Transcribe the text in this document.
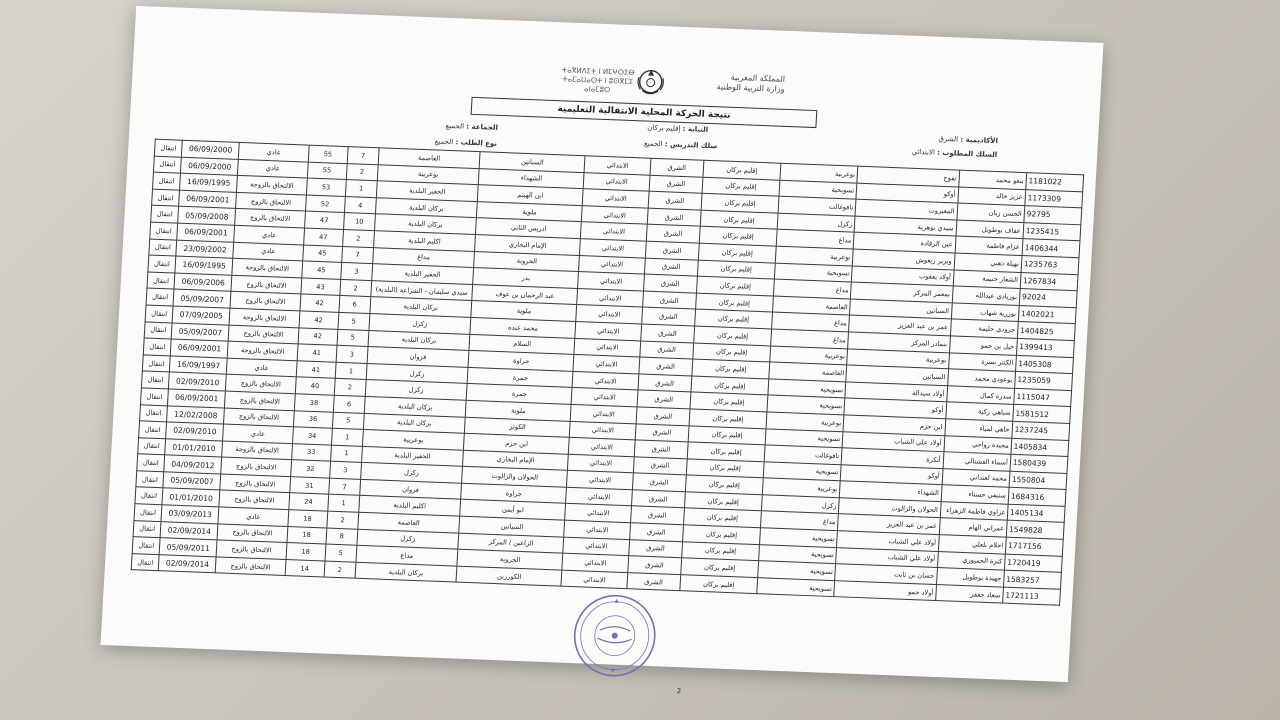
ⵜⴰⴳⵍⴷⵉⵜ ⵏ ⵍⵎⵖⵔⵉⴱ
ⵜⴰⵎⴰⵡⴰⵙⵜ ⵏ ⵓⵙⴳⵎⵉ
ⴰⵏⴰⵎⵓⵔ
المملكة المغربية
وزارة التربية الوطنية
نتيجة الحركة المحلية الانتقالية التعليمية
الأكاديمية : الشرق
السلك المطلوب : الابتدائي
النيابة : إقليم بركان
سلك التدريس : الجميع
الجماعة : الجميع
نوع الطلب : الجميع
1181022	بنعو محمد	تفوح	بوعربية	إقليم بركان	الشرق	الابتدائي	السباتين	العاصمة	7	55	عادي	06/09/2000	انتقال
1173309	عزيز خالد	أوكو	تسويحية	إقليم بركان	الشرق	الابتدائي	الشهداء	بوعربية	2	55	عادي	06/09/2000	انتقال
92795	الحسن زيان	المغيروت	تافوغالت	إقليم بركان	الشرق	الابتدائي	ابن الهيثم	الحفير البلدية	1	53	الالتحاق بالزوجة	16/09/1995	انتقال
1235415	عفاف بوطويل	سيدي بوهرية	زكزل	إقليم بركان	الشرق	الابتدائي	ملوية	بركان البلدية	4	52	الالتحاق بالزوج	06/09/2001	انتقال
1406344	عزام فاطمة	عين الرقادة	مداغ	إقليم بركان	الشرق	الابتدائي	ادريس الثاني	بركان البلدية	10	47	الالتحاق بالزوج	05/09/2008	انتقال
1235763	نهيلة ذهبي	ويرير زيغوش	بوعربية	إقليم بركان	الشرق	الابتدائي	الإمام البخاري	اكليم البلدية	2	47	عادي	06/09/2001	انتقال
1267834	الشعار حنيمة	أولاد يعقوب	تسويحية	إقليم بركان	الشرق	الابتدائي	الخروبة	مداغ	7	45	عادي	23/09/2002	انتقال
92024	بوزيادي عبدالله	بمعمر المركز	مداغ	إقليم بركان	الشرق	الابتدائي	بدر	الحفير البلدية	3	45	الالتحاق بالزوجة	16/09/1995	انتقال
1402021	بوزرية شهاب	السباتين	العاصمة	إقليم بركان	الشرق	الابتدائي	عبد الرحمان بن عوف	سيدي سليمان - الشراعة (البلدية)	2	43	الالتحاق بالزوج	06/09/2006	انتقال
1404825	جرودي حليمة	عمر بن عبد العزيز	مداغ	إقليم بركان	الشرق	الابتدائي	ملوية	بركان البلدية	6	42	الالتحاق بالزوج	05/09/2007	انتقال
1399413	خيل بن حمو	بنمادر المركز	مداغ	إقليم بركان	الشرق	الابتدائي	محمد عبده	زكزل	5	42	الالتحاق بالزوجة	07/09/2005	انتقال
1405308	الكنتر بسرة	بوعربية	بوعربية	إقليم بركان	الشرق	الابتدائي	السلام	بركان البلدية	5	42	الالتحاق بالزوج	05/09/2007	انتقال
1235059	بوعودي محمد	السباتين	العاصمة	إقليم بركان	الشرق	الابتدائي	جراوة	فزوان	3	41	الالتحاق بالزوجة	06/09/2001	انتقال
1115047	سدرة كمال	أولاد سيدالة	تسويحية	إقليم بركان	الشرق	الابتدائي	جمرة	زكزل	1	41	عادي	16/09/1997	انتقال
1581512	سباهي زكية	أوكو	تسويحية	إقليم بركان	الشرق	الابتدائي	جمرة	زكزل	2	40	الالتحاق بالزوج	02/09/2010	انتقال
1237245	حاهي لمياء	ابن حزم	بوعربية	إقليم بركان	الشرق	الابتدائي	ملوية	بركان البلدية	6	38	الالتحاق بالزوج	06/09/2001	انتقال
1405834	مجيدة رواحي	أولاد علي الشباب	تسويحية	إقليم بركان	الشرق	الابتدائي	الكوثر	بركان البلدية	5	36	الالتحاق بالزوج	12/02/2008	انتقال
1580439	أسماء الفشتالي	أنكرة	تافوغالت	إقليم بركان	الشرق	الابتدائي	ابن حزم	بوعربية	1	34	عادي	02/09/2010	انتقال
1550804	محمد لعنداني	أوكو	تسويحية	إقليم بركان	الشرق	الابتدائي	الإمام البخاري	الحفير البلدية	1	33	الالتحاق بالزوجة	01/01/2010	انتقال
1684316	ستيفي حسناء	الشهداء	بوعربية	إقليم بركان	الشرق	الابتدائي	الحولان والزالوت	زكزل	3	32	الالتحاق بالزوج	04/09/2012	انتقال
1405134	غزاوي فاطمة الزهراء	الحولان والزالوت	زكزل	إقليم بركان	الشرق	الابتدائي	جراوة	فزوان	7	31	الالتحاق بالزوج	05/09/2007	انتقال
1549828	عمراني الهام	عمر بن عبد العزيز	مداغ	إقليم بركان	الشرق	الابتدائي	ابو أيمن	اكليم البلدية	1	24	الالتحاق بالزوج	01/01/2010	انتقال
1717156	احلام بلعلي	أولاد علي الشباب	تسويحية	إقليم بركان	الشرق	الابتدائي	السباتين	العاصمة	2	18	عادي	03/09/2013	انتقال
1720419	كنزة الحميوري	أولاد علي الشباب	تسويحية	إقليم بركان	الشرق	الابتدائي	الزاعين / المركز	زكزل	8	18	الالتحاق بالزوج	02/09/2014	انتقال
1583257	جهيدة بوطويل	حسان بن ثابت	تسويحية	إقليم بركان	الشرق	الابتدائي	الخروبة	مداغ	5	18	الالتحاق بالزوج	05/09/2011	انتقال
1721113	سعاد جعفر	أولاد حمو	تسويحية	إقليم بركان	الشرق	الابتدائي	الكوررين	بركان البلدية	2	14	الالتحاق بالزوج	02/09/2014	انتقال
2
